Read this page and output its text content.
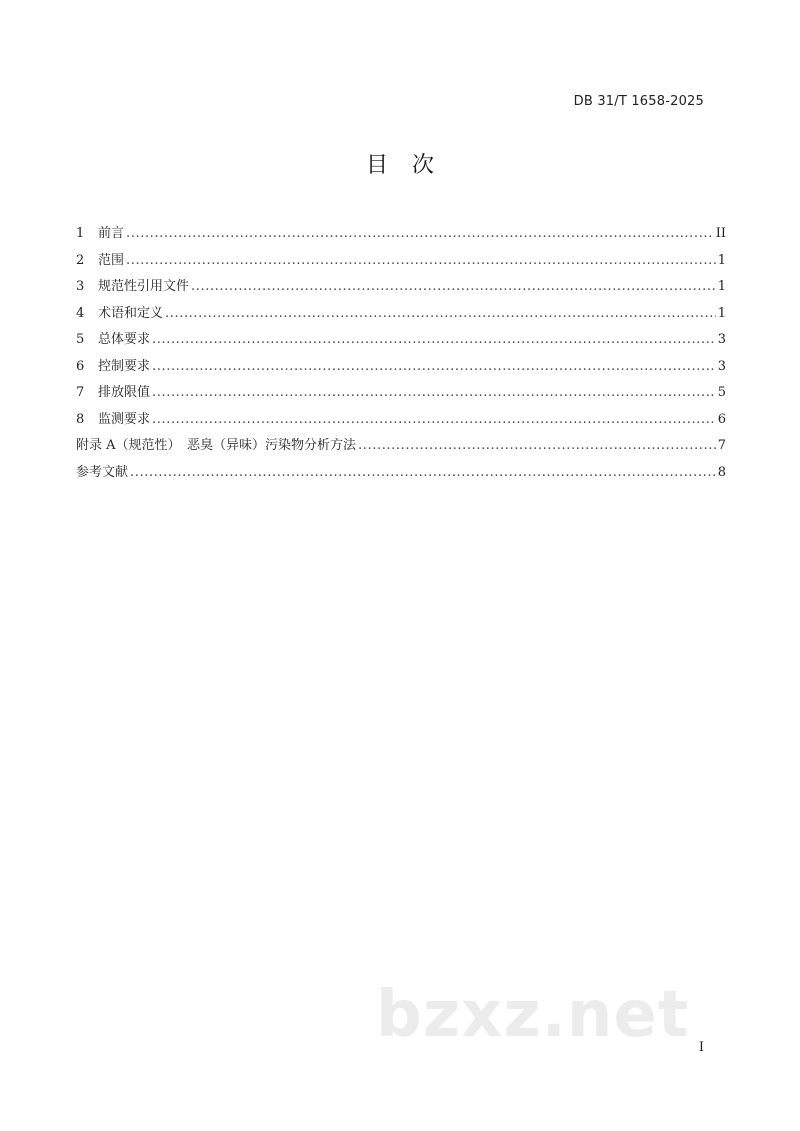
DB 31/T 1658-2025
目次
1	前言 .....	II
2	范围 .....	1
3	规范性引用文件 .....	1
4	术语和定义 .....	1
5	总体要求 .....	3
6	控制要求 .....	3
7	排放限值 .....	5
8	监测要求 .....	6
附录 A（规范性）　恶臭（异味）污染物分析方法 .....	7
参考文献 .....	8
bzxz.net I
